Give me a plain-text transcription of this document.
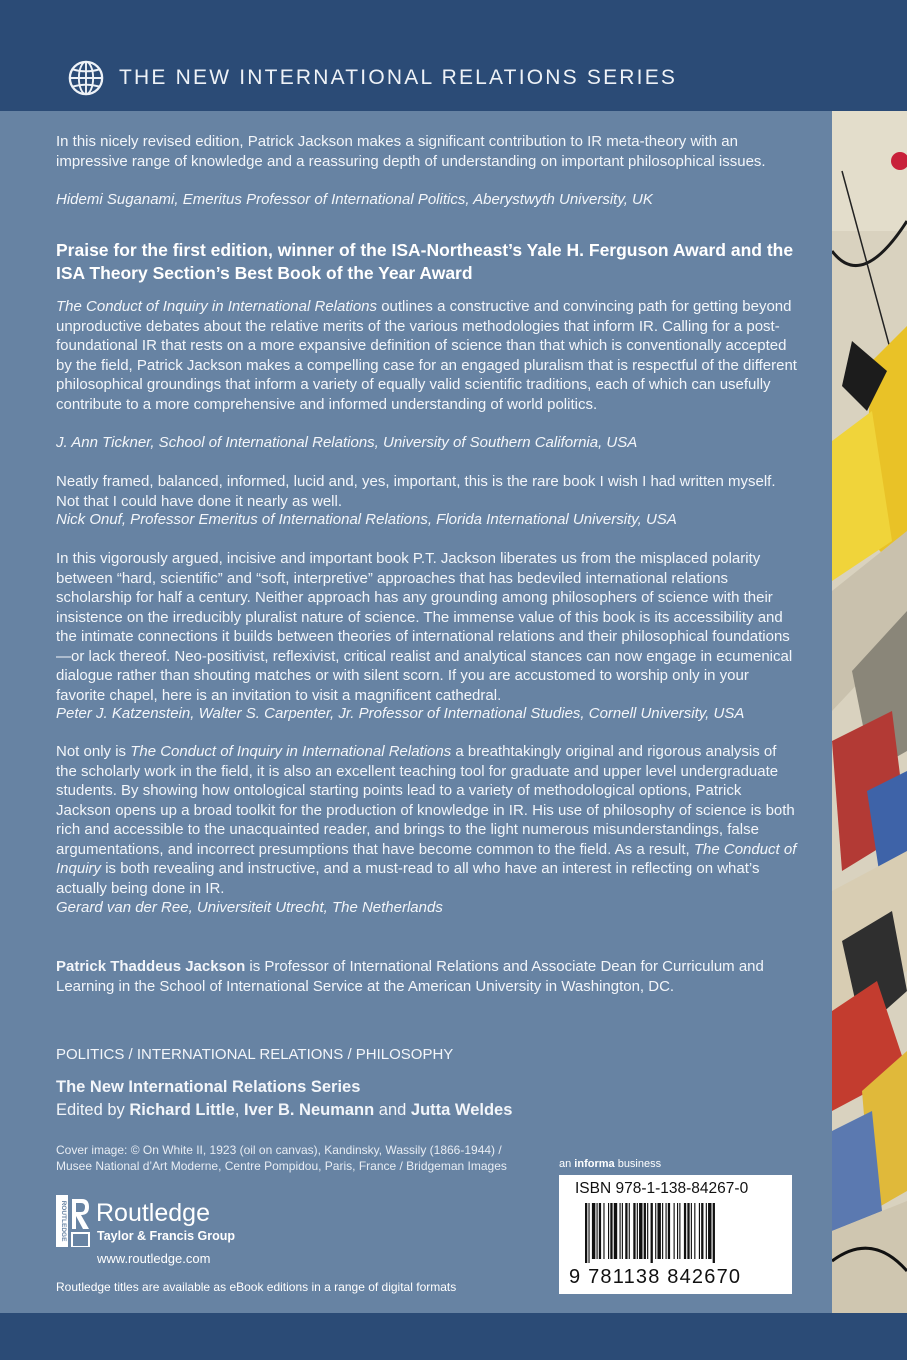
THE NEW INTERNATIONAL RELATIONS SERIES

In this nicely revised edition, Patrick Jackson makes a significant contribution to IR meta-theory with an impressive range of knowledge and a reassuring depth of understanding on important philosophical issues.

Hidemi Suganami, Emeritus Professor of International Politics, Aberystwyth University, UK

Praise for the first edition, winner of the ISA-Northeast’s Yale H. Ferguson Award and the ISA Theory Section’s Best Book of the Year Award

The Conduct of Inquiry in International Relations outlines a constructive and convincing path for getting beyond unproductive debates about the relative merits of the various methodologies that inform IR. Calling for a post-foundational IR that rests on a more expansive definition of science than that which is conventionally accepted by the field, Patrick Jackson makes a compelling case for an engaged pluralism that is respectful of the different philosophical groundings that inform a variety of equally valid scientific traditions, each of which can usefully contribute to a more comprehensive and informed understanding of world politics.

J. Ann Tickner, School of International Relations, University of Southern California, USA

Neatly framed, balanced, informed, lucid and, yes, important, this is the rare book I wish I had written myself. Not that I could have done it nearly as well.

Nick Onuf, Professor Emeritus of International Relations, Florida International University, USA

In this vigorously argued, incisive and important book P.T. Jackson liberates us from the misplaced polarity between “hard, scientific” and “soft, interpretive” approaches that has bedeviled international relations scholarship for half a century. Neither approach has any grounding among philosophers of science with their insistence on the irreducibly pluralist nature of science. The immense value of this book is its accessibility and the intimate connections it builds between theories of international relations and their philosophical foundations—or lack thereof. Neo-positivist, reflexivist, critical realist and analytical stances can now engage in ecumenical dialogue rather than shouting matches or with silent scorn. If you are accustomed to worship only in your favorite chapel, here is an invitation to visit a magnificent cathedral.

Peter J. Katzenstein, Walter S. Carpenter, Jr. Professor of International Studies, Cornell University, USA

Not only is The Conduct of Inquiry in International Relations a breathtakingly original and rigorous analysis of the scholarly work in the field, it is also an excellent teaching tool for graduate and upper level undergraduate students. By showing how ontological starting points lead to a variety of methodological options, Patrick Jackson opens up a broad toolkit for the production of knowledge in IR. His use of philosophy of science is both rich and accessible to the unacquainted reader, and brings to the light numerous misunderstandings, false argumentations, and incorrect presumptions that have become common to the field. As a result, The Conduct of Inquiry is both revealing and instructive, and a must-read to all who have an interest in reflecting on what’s actually being done in IR.

Gerard van der Ree, Universiteit Utrecht, The Netherlands

Patrick Thaddeus Jackson is Professor of International Relations and Associate Dean for Curriculum and Learning in the School of International Service at the American University in Washington, DC.

POLITICS / INTERNATIONAL RELATIONS / PHILOSOPHY

The New International Relations Series

Edited by Richard Little, Iver B. Neumann and Jutta Weldes

Cover image: © On White II, 1923 (oil on canvas), Kandinsky, Wassily (1866-1944) /

Musee National d’Art Moderne, Centre Pompidou, Paris, France / Bridgeman Images

ROUTLEDGE Routledge
Taylor & Francis Group
www.routledge.com
Routledge titles are available as eBook editions in a range of digital formats
an informa business
ISBN 978-1-138-84267-0
9 781138 842670
